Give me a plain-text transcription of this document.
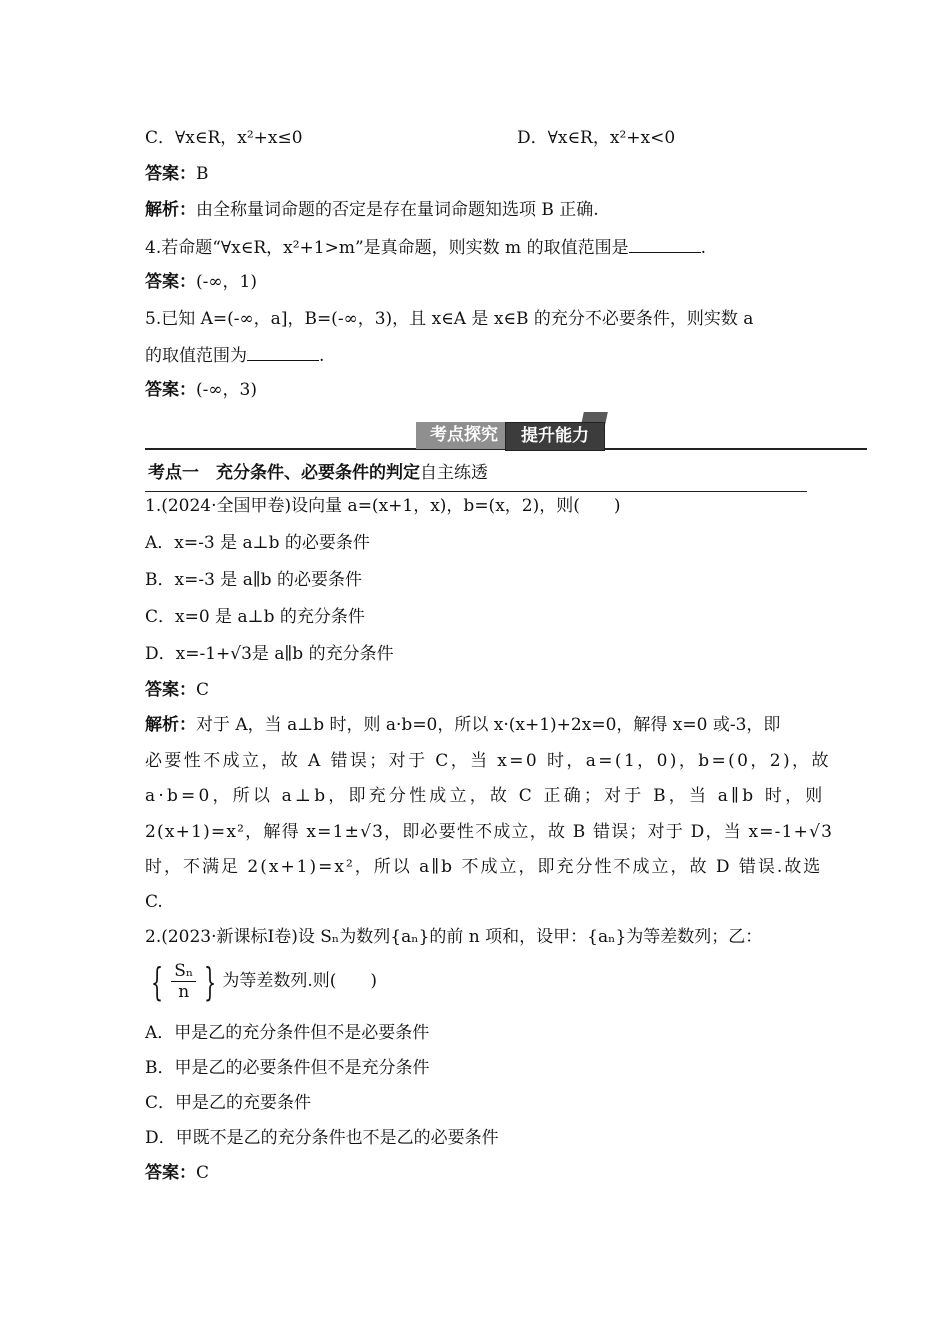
C．∀x∈R，x²+x≤0	D．∀x∈R，x²+x<0
答案：B
解析：由全称量词命题的否定是存在量词命题知选项 B 正确.
4.若命题“∀x∈R，x²+1>m”是真命题，则实数 m 的取值范围是	.
答案：(-∞，1)
5.已知 A=(-∞，a]，B=(-∞，3)，且 x∈A 是 x∈B 的充分不必要条件，则实数 a
的取值范围为	.
答案：(-∞，3)
考点探究	提升能力
考点一　充分条件、必要条件的判定自主练透
1.(2024·全国甲卷)设向量 a=(x+1，x)，b=(x，2)，则(　　)
A．x=-3 是 a⊥b 的必要条件
B．x=-3 是 a∥b 的必要条件
C．x=0 是 a⊥b 的充分条件
D．x=-1+√3是 a∥b 的充分条件
答案：C
解析：对于 A，当 a⊥b 时，则 a·b=0，所以 x·(x+1)+2x=0，解得 x=0 或-3，即
必要性不成立，故 A 错误；对于 C，当 x=0 时，a=(1，0)，b=(0，2)，故
a·b=0，所以 a⊥b，即充分性成立，故 C 正确；对于 B，当 a∥b 时，则
2(x+1)=x²，解得 x=1±√3，即必要性不成立，故 B 错误；对于 D，当 x=-1+√3
时，不满足 2(x+1)=x²，所以 a∥b 不成立，即充分性不成立，故 D 错误.故选
C.
2.(2023·新课标Ⅰ卷)设 Sₙ为数列{aₙ}的前 n 项和，设甲：{aₙ}为等差数列；乙：
{ $\frac{\text{Sₙ}}{n}$ } 为等差数列.则(　　)
A．甲是乙的充分条件但不是必要条件
B．甲是乙的必要条件但不是充分条件
C．甲是乙的充要条件
D．甲既不是乙的充分条件也不是乙的必要条件
答案：C
